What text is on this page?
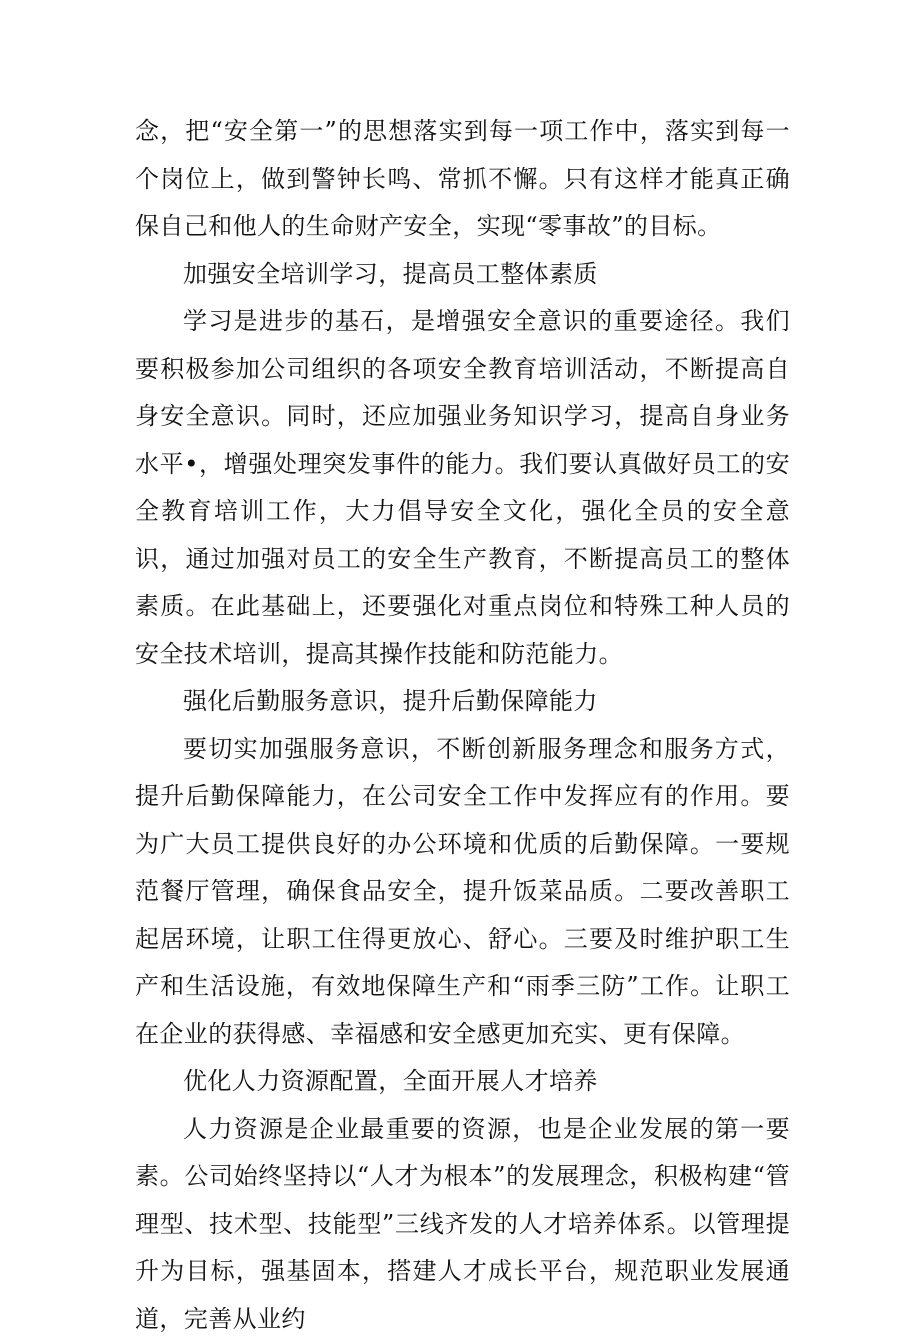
念，把“安全第一”的思想落实到每一项工作中，落实到每一个岗位上，做到警钟长鸣、常抓不懈。只有这样才能真正确保自己和他人的生命财产安全，实现“零事故”的目标。

加强安全培训学习，提高员工整体素质

学习是进步的基石，是增强安全意识的重要途径。我们要积极参加公司组织的各项安全教育培训活动，不断提高自身安全意识。同时，还应加强业务知识学习，提高自身业务水平•，增强处理突发事件的能力。我们要认真做好员工的安全教育培训工作，大力倡导安全文化，强化全员的安全意识，通过加强对员工的安全生产教育，不断提高员工的整体素质。在此基础上，还要强化对重点岗位和特殊工种人员的安全技术培训，提高其操作技能和防范能力。

强化后勤服务意识，提升后勤保障能力

要切实加强服务意识，不断创新服务理念和服务方式，提升后勤保障能力，在公司安全工作中发挥应有的作用。要为广大员工提供良好的办公环境和优质的后勤保障。一要规范餐厅管理，确保食品安全，提升饭菜品质。二要改善职工起居环境，让职工住得更放心、舒心。三要及时维护职工生产和生活设施，有效地保障生产和“雨季三防”工作。让职工在企业的获得感、幸福感和安全感更加充实、更有保障。

优化人力资源配置，全面开展人才培养

人力资源是企业最重要的资源，也是企业发展的第一要素。公司始终坚持以“人才为根本”的发展理念，积极构建“管理型、技术型、技能型”三线齐发的人才培养体系。以管理提升为目标，强基固本，搭建人才成长平台，规范职业发展通道，完善从业约
